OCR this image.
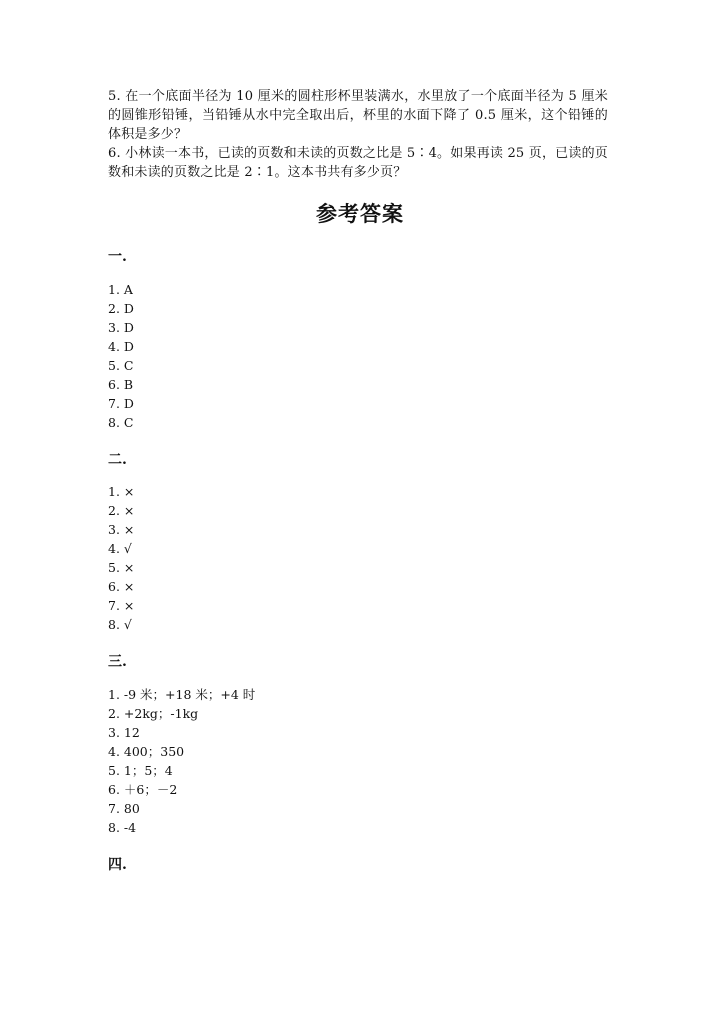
5. 在一个底面半径为 10 厘米的圆柱形杯里装满水，水里放了一个底面半径为 5 厘米的圆锥形铅锤，当铅锤从水中完全取出后，杯里的水面下降了 0.5 厘米，这个铅锤的体积是多少？

6. 小林读一本书，已读的页数和未读的页数之比是 5∶4。如果再读 25 页，已读的页数和未读的页数之比是 2∶1。这本书共有多少页？

参考答案
一.
1. A
2. D
3. D
4. D
5. C
6. B
7. D
8. C
二.
1. ×
2. ×
3. ×
4. √
5. ×
6. ×
7. ×
8. √
三.
1. -9 米；+18 米；+4 时
2. +2kg；-1kg
3. 12
4. 400；350
5. 1；5；4
6. ＋6；－2
7. 80
8. -4
四.
